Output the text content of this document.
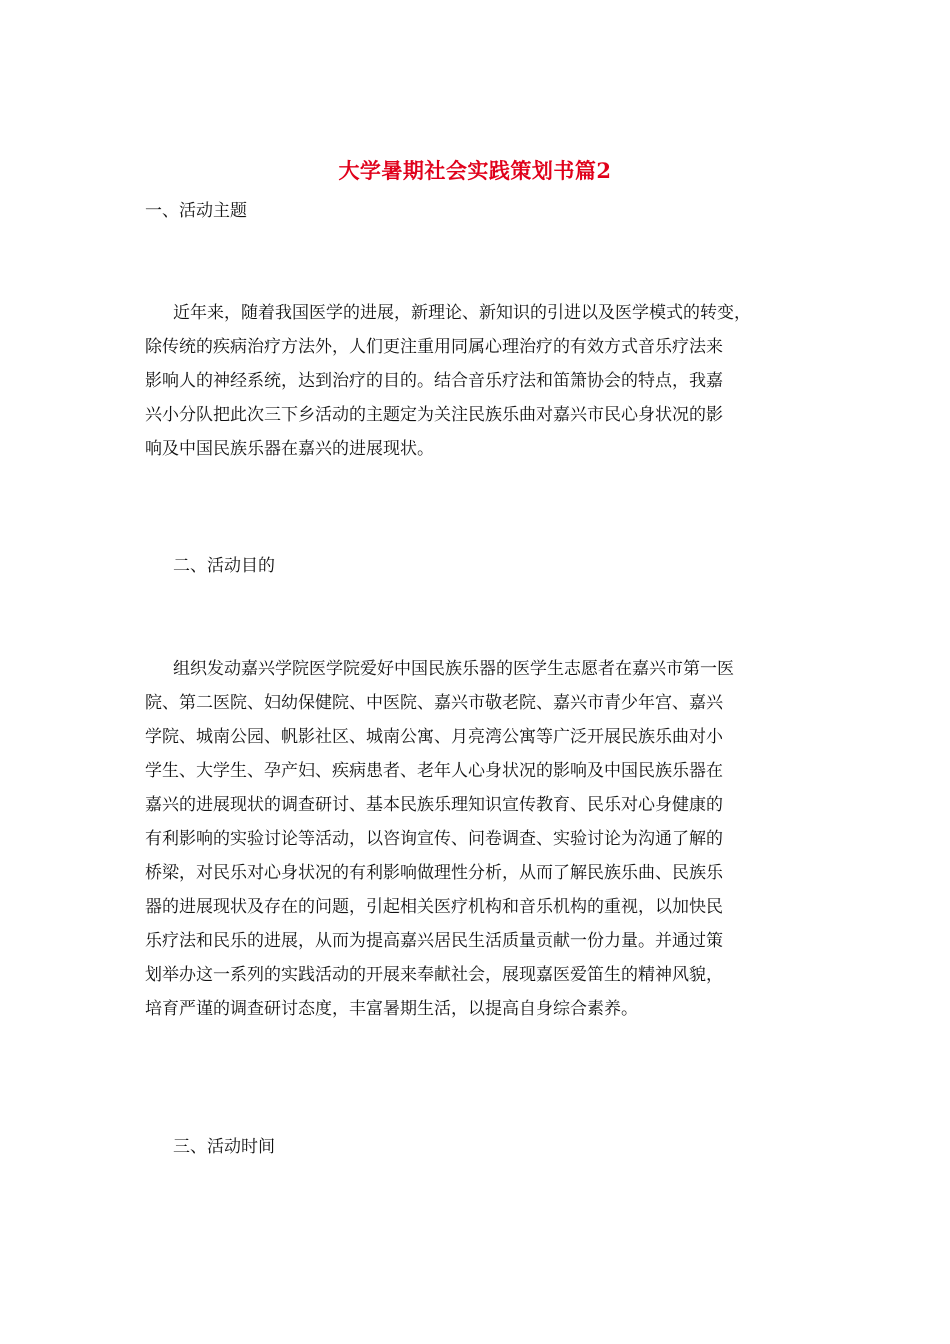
大学暑期社会实践策划书篇2
一、活动主题
近年来，随着我国医学的进展，新理论、新知识的引进以及医学模式的转变，
除传统的疾病治疗方法外，人们更注重用同属心理治疗的有效方式音乐疗法来
影响人的神经系统，达到治疗的目的。结合音乐疗法和笛箫协会的特点，我嘉
兴小分队把此次三下乡活动的主题定为关注民族乐曲对嘉兴市民心身状况的影
响及中国民族乐器在嘉兴的进展现状。
二、活动目的
组织发动嘉兴学院医学院爱好中国民族乐器的医学生志愿者在嘉兴市第一医
院、第二医院、妇幼保健院、中医院、嘉兴市敬老院、嘉兴市青少年宫、嘉兴
学院、城南公园、帆影社区、城南公寓、月亮湾公寓等广泛开展民族乐曲对小
学生、大学生、孕产妇、疾病患者、老年人心身状况的影响及中国民族乐器在
嘉兴的进展现状的调查研讨、基本民族乐理知识宣传教育、民乐对心身健康的
有利影响的实验讨论等活动，以咨询宣传、问卷调查、实验讨论为沟通了解的
桥梁，对民乐对心身状况的有利影响做理性分析，从而了解民族乐曲、民族乐
器的进展现状及存在的问题，引起相关医疗机构和音乐机构的重视，以加快民
乐疗法和民乐的进展，从而为提高嘉兴居民生活质量贡献一份力量。并通过策
划举办这一系列的实践活动的开展来奉献社会，展现嘉医爱笛生的精神风貌，
培育严谨的调查研讨态度，丰富暑期生活，以提高自身综合素养。
三、活动时间
